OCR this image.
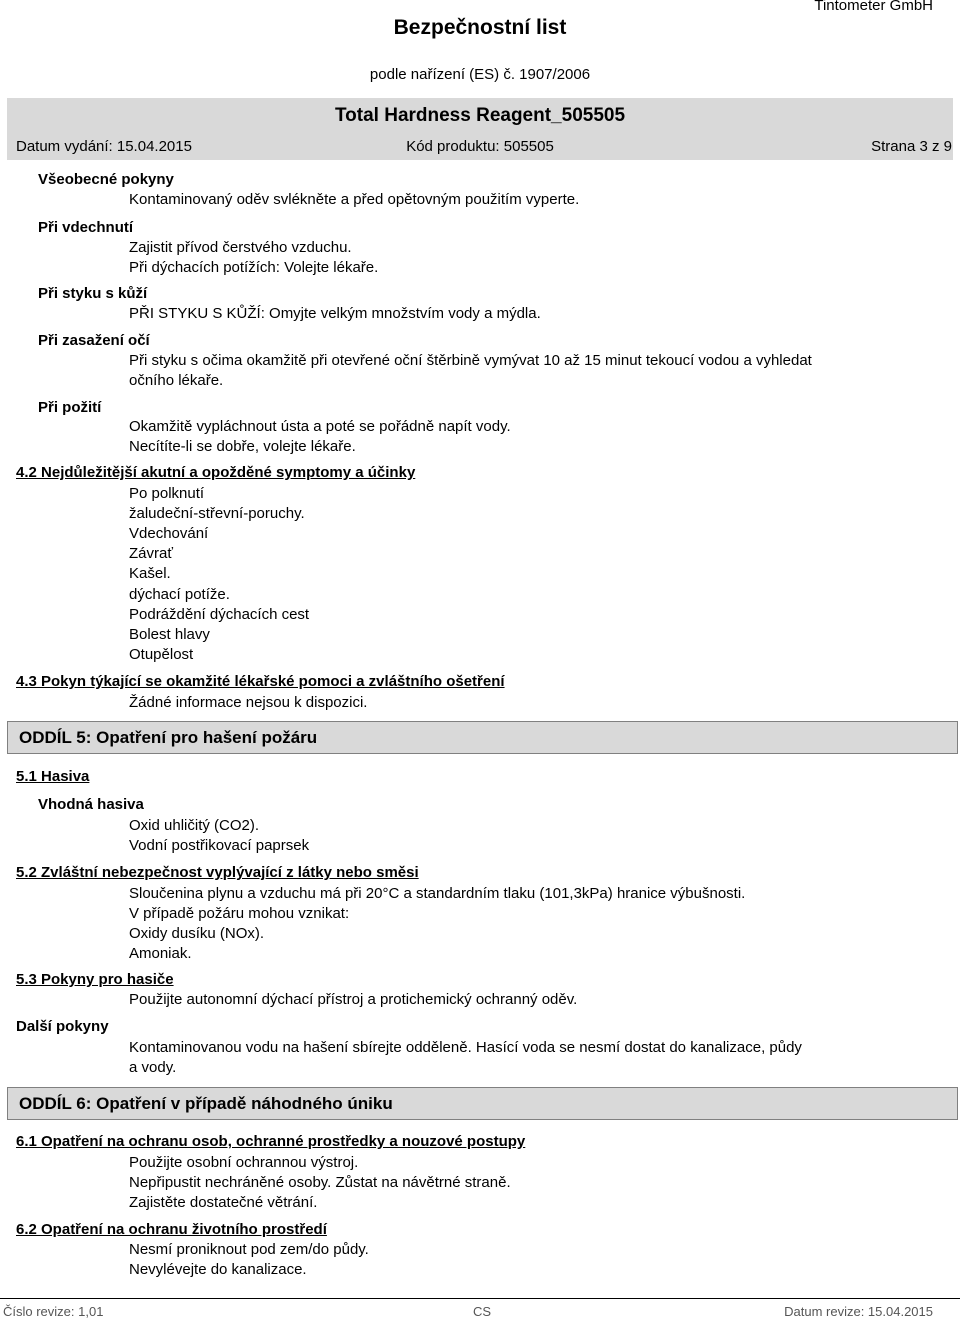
Tintometer GmbH
Bezpečnostní list
podle nařízení (ES) č. 1907/2006
Total Hardness Reagent_505505
Datum vydání: 15.04.2015	Kód produktu: 505505	Strana 3 z 9
Všeobecné pokyny
Kontaminovaný oděv svlékněte a před opětovným použitím vyperte.
Při vdechnutí
Zajistit přívod čerstvého vzduchu.
Při dýchacích potížích: Volejte lékaře.
Při styku s kůží
PŘI STYKU S KŮŽÍ: Omyjte velkým množstvím vody a mýdla.
Při zasažení očí
Při styku s očima okamžitě při otevřené oční štěrbině vymývat 10 až 15 minut tekoucí vodou a vyhledat
očního lékaře.
Při požití
Okamžitě vypláchnout ústa a poté se pořádně napít vody.
Necítíte-li se dobře, volejte lékaře.
4.2 Nejdůležitější akutní a opožděné symptomy a účinky
Po polknutí
žaludeční-střevní-poruchy.
Vdechování
Závrať
Kašel.
dýchací potíže.
Podráždění dýchacích cest
Bolest hlavy
Otupělost
4.3 Pokyn týkající se okamžité lékařské pomoci a zvláštního ošetření
Žádné informace nejsou k dispozici.
ODDÍL 5: Opatření pro hašení požáru
5.1 Hasiva
Vhodná hasiva
Oxid uhličitý (CO2).
Vodní postřikovací paprsek
5.2 Zvláštní nebezpečnost vyplývající z látky nebo směsi
Sloučenina plynu a vzduchu má při 20°C a standardním tlaku (101,3kPa) hranice výbušnosti.
V případě požáru mohou vznikat:
Oxidy dusíku (NOx).
Amoniak.
5.3 Pokyny pro hasiče
Použijte autonomní dýchací přístroj a protichemický ochranný oděv.
Další pokyny
Kontaminovanou vodu na hašení sbírejte odděleně. Hasící voda se nesmí dostat do kanalizace, půdy
a vody.
ODDÍL 6: Opatření v případě náhodného úniku
6.1 Opatření na ochranu osob, ochranné prostředky a nouzové postupy
Použijte osobní ochrannou výstroj.
Nepřipustit nechráněné osoby. Zůstat na návětrné straně.
Zajistěte dostatečné větrání.
6.2 Opatření na ochranu životního prostředí
Nesmí proniknout pod zem/do půdy.
Nevylévejte do kanalizace.
Číslo revize: 1,01	CS	Datum revize: 15.04.2015
